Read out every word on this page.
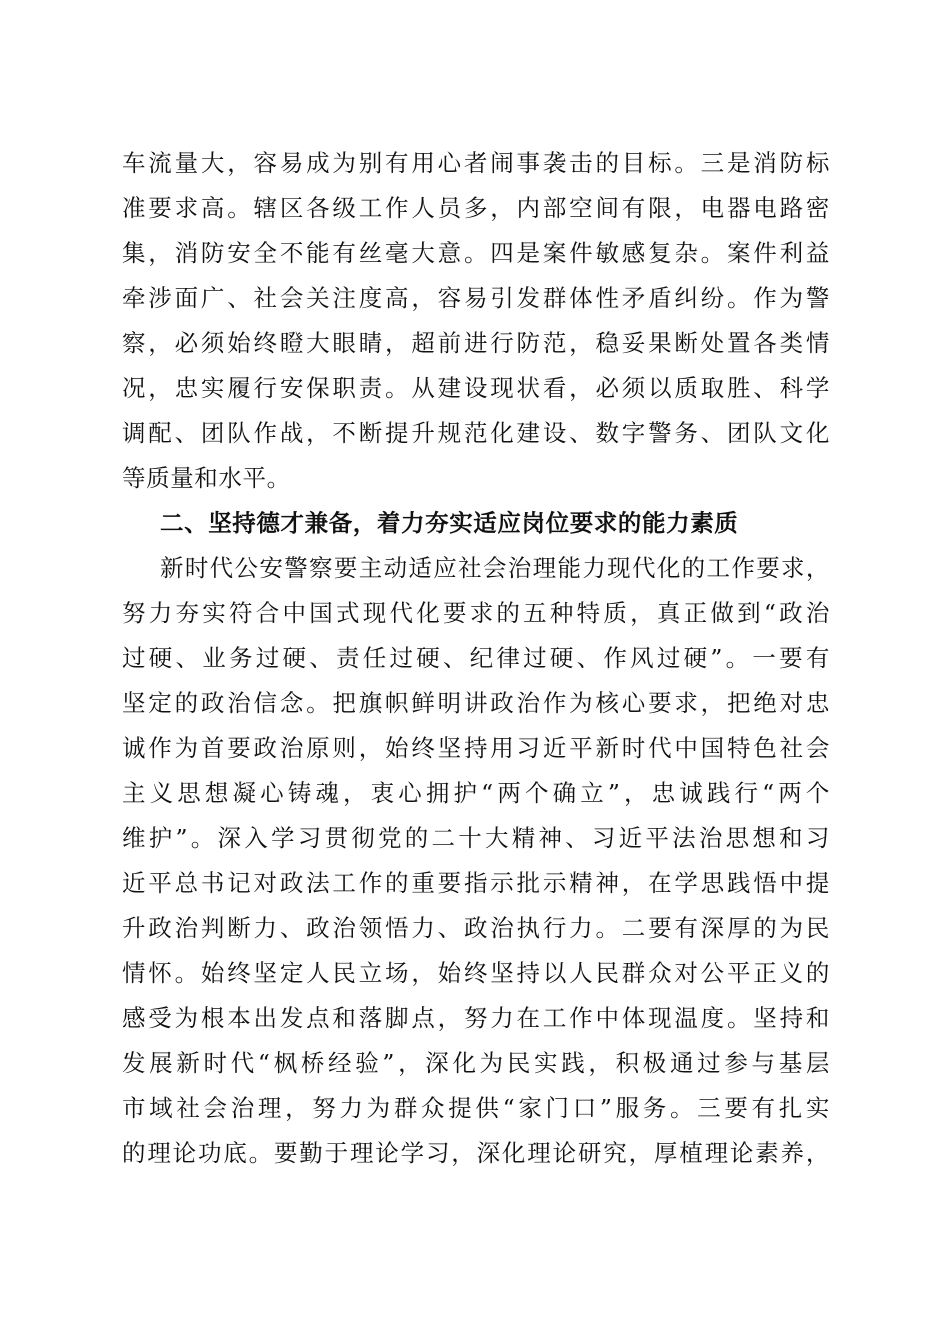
车流量大，容易成为别有用心者闹事袭击的目标。三是消防标
准要求高。辖区各级工作人员多，内部空间有限，电器电路密
集，消防安全不能有丝毫大意。四是案件敏感复杂。案件利益
牵涉面广、社会关注度高，容易引发群体性矛盾纠纷。作为警
察，必须始终瞪大眼睛，超前进行防范，稳妥果断处置各类情
况，忠实履行安保职责。从建设现状看，必须以质取胜、科学
调配、团队作战，不断提升规范化建设、数字警务、团队文化
等质量和水平。
二、坚持德才兼备，着力夯实适应岗位要求的能力素质
新时代公安警察要主动适应社会治理能力现代化的工作要求，
努力夯实符合中国式现代化要求的五种特质，真正做到“政治
过硬、业务过硬、责任过硬、纪律过硬、作风过硬”。一要有
坚定的政治信念。把旗帜鲜明讲政治作为核心要求，把绝对忠
诚作为首要政治原则，始终坚持用习近平新时代中国特色社会
主义思想凝心铸魂，衷心拥护“两个确立”，忠诚践行“两个
维护”。深入学习贯彻党的二十大精神、习近平法治思想和习
近平总书记对政法工作的重要指示批示精神，在学思践悟中提
升政治判断力、政治领悟力、政治执行力。二要有深厚的为民
情怀。始终坚定人民立场，始终坚持以人民群众对公平正义的
感受为根本出发点和落脚点，努力在工作中体现温度。坚持和
发展新时代“枫桥经验”，深化为民实践，积极通过参与基层
市域社会治理，努力为群众提供“家门口”服务。三要有扎实
的理论功底。要勤于理论学习，深化理论研究，厚植理论素养，
